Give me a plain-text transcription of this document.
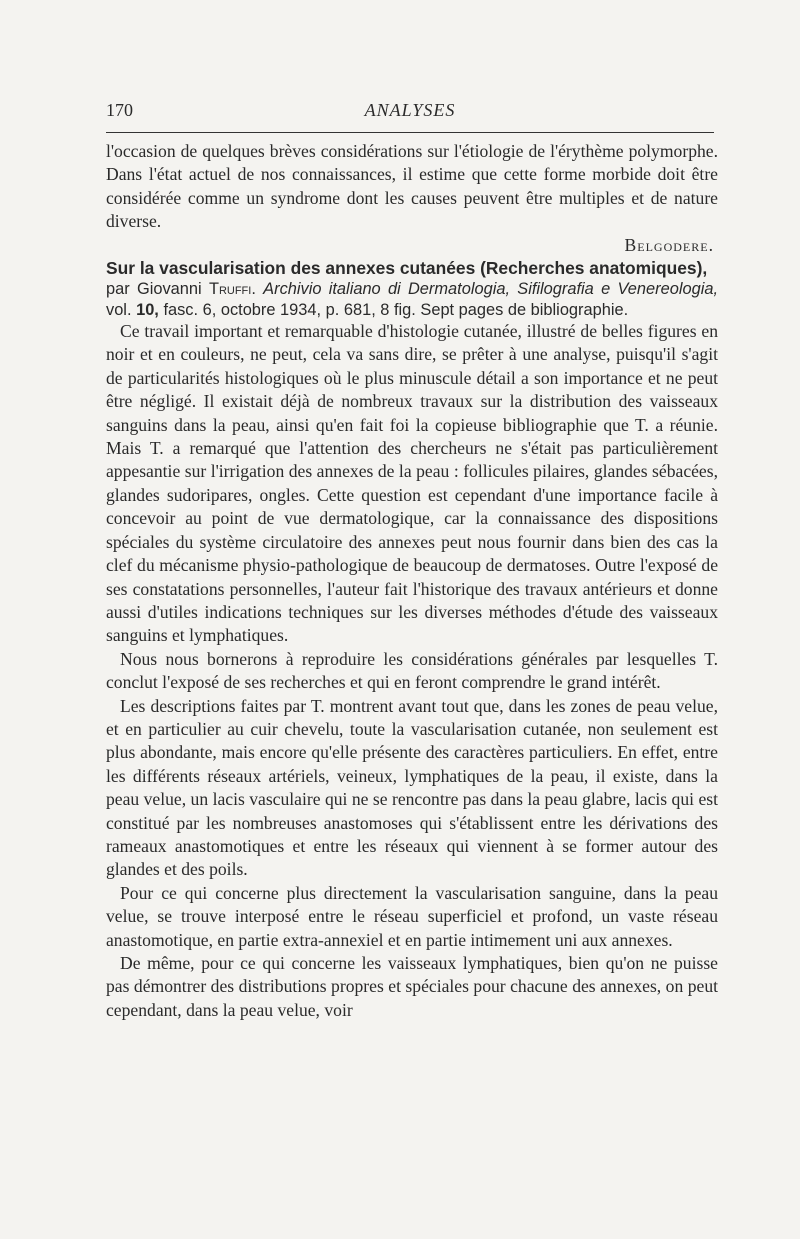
170	ANALYSES

l'occasion de quelques brèves considérations sur l'étiologie de l'érythème polymorphe. Dans l'état actuel de nos connaissances, il estime que cette forme morbide doit être considérée comme un syndrome dont les causes peuvent être multiples et de nature diverse.

Belgodere.

Sur la vascularisation des annexes cutanées (Recherches anatomiques),

par Giovanni Truffi. Archivio italiano di Dermatologia, Sifilografia e Venereologia, vol. 10, fasc. 6, octobre 1934, p. 681, 8 fig. Sept pages de bibliographie.

Ce travail important et remarquable d'histologie cutanée, illustré de belles figures en noir et en couleurs, ne peut, cela va sans dire, se prêter à une analyse, puisqu'il s'agit de particularités histologiques où le plus minuscule détail a son importance et ne peut être négligé. Il existait déjà de nombreux travaux sur la distribution des vaisseaux sanguins dans la peau, ainsi qu'en fait foi la copieuse bibliographie que T. a réunie. Mais T. a remarqué que l'attention des chercheurs ne s'était pas particulièrement appesantie sur l'irrigation des annexes de la peau : follicules pilaires, glandes sébacées, glandes sudoripares, ongles. Cette question est cependant d'une importance facile à concevoir au point de vue dermatologique, car la connaissance des dispositions spéciales du système circulatoire des annexes peut nous fournir dans bien des cas la clef du mécanisme physio-pathologique de beaucoup de dermatoses. Outre l'exposé de ses constatations personnelles, l'auteur fait l'historique des travaux antérieurs et donne aussi d'utiles indications techniques sur les diverses méthodes d'étude des vaisseaux sanguins et lymphatiques.

Nous nous bornerons à reproduire les considérations générales par lesquelles T. conclut l'exposé de ses recherches et qui en feront comprendre le grand intérêt.

Les descriptions faites par T. montrent avant tout que, dans les zones de peau velue, et en particulier au cuir chevelu, toute la vascularisation cutanée, non seulement est plus abondante, mais encore qu'elle présente des caractères particuliers. En effet, entre les différents réseaux artériels, veineux, lymphatiques de la peau, il existe, dans la peau velue, un lacis vasculaire qui ne se rencontre pas dans la peau glabre, lacis qui est constitué par les nombreuses anastomoses qui s'établissent entre les dérivations des rameaux anastomotiques et entre les réseaux qui viennent à se former autour des glandes et des poils.

Pour ce qui concerne plus directement la vascularisation sanguine, dans la peau velue, se trouve interposé entre le réseau superficiel et profond, un vaste réseau anastomotique, en partie extra-annexiel et en partie intimement uni aux annexes.

De même, pour ce qui concerne les vaisseaux lymphatiques, bien qu'on ne puisse pas démontrer des distributions propres et spéciales pour chacune des annexes, on peut cependant, dans la peau velue, voir
